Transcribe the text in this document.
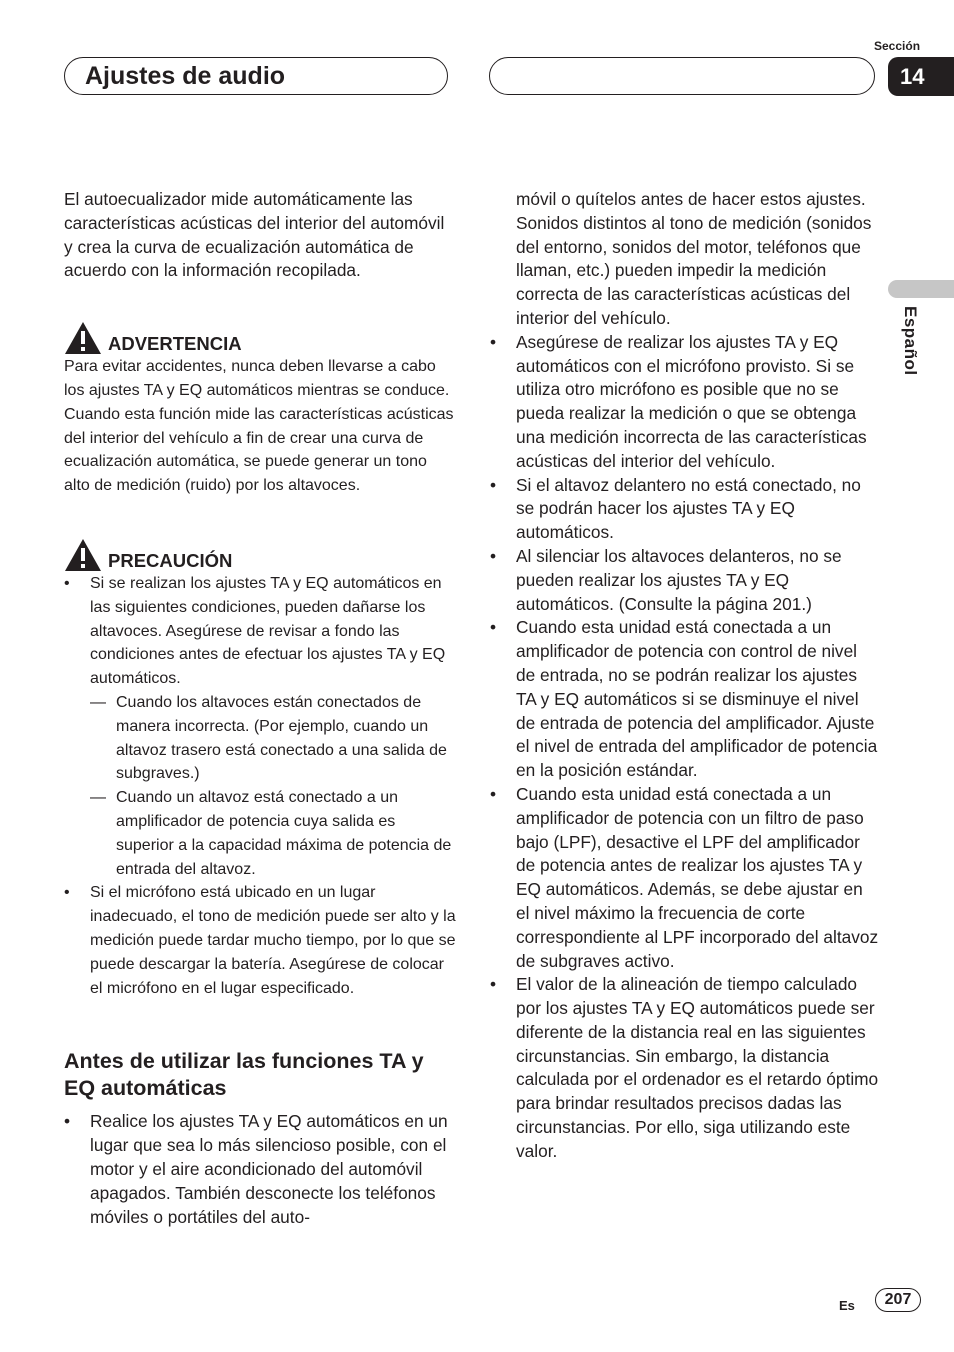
Ajustes de audio
Sección
14
Español

El autoecualizador mide automáticamente las características acústicas del interior del automóvil y crea la curva de ecualización automática de acuerdo con la información recopilada.

ADVERTENCIA

Para evitar accidentes, nunca deben llevarse a cabo los ajustes TA y EQ automáticos mientras se conduce. Cuando esta función mide las características acústicas del interior del vehículo a fin de crear una curva de ecualización automática, se puede generar un tono alto de medición (ruido) por los altavoces.

PRECAUCIÓN
• Si se realizan los ajustes TA y EQ automáticos en las siguientes condiciones, pueden dañarse los altavoces. Asegúrese de revisar a fondo las condiciones antes de efectuar los ajustes TA y EQ automáticos.
— Cuando los altavoces están conectados de manera incorrecta. (Por ejemplo, cuando un altavoz trasero está conectado a una salida de subgraves.)
— Cuando un altavoz está conectado a un amplificador de potencia cuya salida es superior a la capacidad máxima de potencia de entrada del altavoz.
• Si el micrófono está ubicado en un lugar inadecuado, el tono de medición puede ser alto y la medición puede tardar mucho tiempo, por lo que se puede descargar la batería. Asegúrese de colocar el micrófono en el lugar especificado.
Antes de utilizar las funciones TA y EQ automáticas
• Realice los ajustes TA y EQ automáticos en un lugar que sea lo más silencioso posible, con el motor y el aire acondicionado del automóvil apagados. También desconecte los teléfonos móviles o portátiles del auto-

móvil o quítelos antes de hacer estos ajustes. Sonidos distintos al tono de medición (sonidos del entorno, sonidos del motor, teléfonos que llaman, etc.) pueden impedir la medición correcta de las características acústicas del interior del vehículo.

• Asegúrese de realizar los ajustes TA y EQ automáticos con el micrófono provisto. Si se utiliza otro micrófono es posible que no se pueda realizar la medición o que se obtenga una medición incorrecta de las características acústicas del interior del vehículo.
• Si el altavoz delantero no está conectado, no se podrán hacer los ajustes TA y EQ automáticos.
• Al silenciar los altavoces delanteros, no se pueden realizar los ajustes TA y EQ automáticos. (Consulte la página 201.)
• Cuando esta unidad está conectada a un amplificador de potencia con control de nivel de entrada, no se podrán realizar los ajustes TA y EQ automáticos si se disminuye el nivel de entrada de potencia del amplificador. Ajuste el nivel de entrada del amplificador de potencia en la posición estándar.
• Cuando esta unidad está conectada a un amplificador de potencia con un filtro de paso bajo (LPF), desactive el LPF del amplificador de potencia antes de realizar los ajustes TA y EQ automáticos. Además, se debe ajustar en el nivel máximo la frecuencia de corte correspondiente al LPF incorporado del altavoz de subgraves activo.
• El valor de la alineación de tiempo calculado por los ajustes TA y EQ automáticos puede ser diferente de la distancia real en las siguientes circunstancias. Sin embargo, la distancia calculada por el ordenador es el retardo óptimo para brindar resultados precisos dadas las circunstancias. Por ello, siga utilizando este valor.
Es	207
